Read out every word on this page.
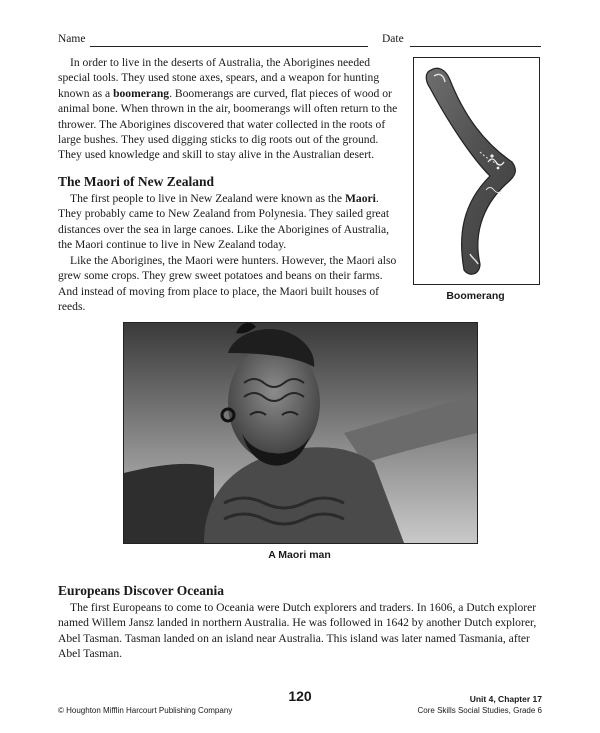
Name	Date

In order to live in the deserts of Australia, the Aborigines needed special tools. They used stone axes, spears, and a weapon for hunting known as a boomerang. Boomerangs are curved, flat pieces of wood or animal bone. When thrown in the air, boomerangs will often return to the thrower. The Aborigines discovered that water collected in the roots of large bushes. They used digging sticks to dig roots out of the ground. They used knowledge and skill to stay alive in the Australian desert.

The Maori of New Zealand

The first people to live in New Zealand were known as the Maori. They probably came to New Zealand from Polynesia. They sailed great distances over the sea in large canoes. Like the Aborigines of Australia, the Maori continue to live in New Zealand today.

Like the Aborigines, the Maori were hunters. However, the Maori also grew some crops. They grew sweet potatoes and beans on their farms. And instead of moving from place to place, the Maori built houses of reeds.

Boomerang
A Maori man
Europeans Discover Oceania

The first Europeans to come to Oceania were Dutch explorers and traders. In 1606, a Dutch explorer named Willem Jansz landed in northern Australia. He was followed in 1642 by another Dutch explorer, Abel Tasman. Tasman landed on an island near Australia. This island was later named Tasmania, after Abel Tasman.

120
© Houghton Mifflin Harcourt Publishing Company
Unit 4, Chapter 17
Core Skills Social Studies, Grade 6
